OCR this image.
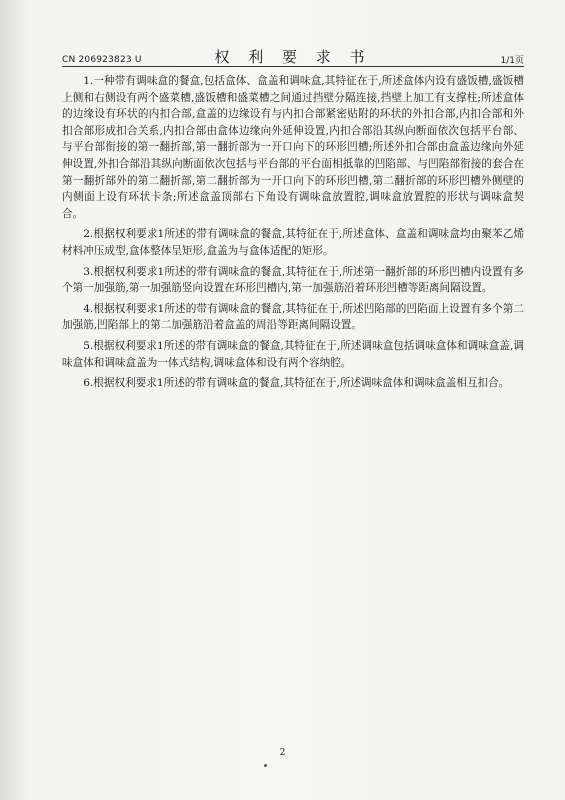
CN 206923823 U	权 利 要 求 书	1/1页

1.一种带有调味盒的餐盒,包括盒体、盒盖和调味盒,其特征在于,所述盒体内设有盛饭槽,盛饭槽上侧和右侧设有两个盛菜槽,盛饭槽和盛菜槽之间通过挡壁分隔连接,挡壁上加工有支撑柱;所述盒体的边缘设有环状的内扣合部,盒盖的边缘设有与内扣合部紧密贴附的环状的外扣合部,内扣合部和外扣合部形成扣合关系,内扣合部由盒体边缘向外延伸设置,内扣合部沿其纵向断面依次包括平台部、与平台部衔接的第一翻折部,第一翻折部为一开口向下的环形凹槽;所述外扣合部由盒盖边缘向外延伸设置,外扣合部沿其纵向断面依次包括与平台部的平台面相抵靠的凹陷部、与凹陷部衔接的套合在第一翻折部外的第二翻折部,第二翻折部为一开口向下的环形凹槽,第二翻折部的环形凹槽外侧壁的内侧面上设有环状卡条;所述盒盖顶部右下角设有调味盒放置腔,调味盒放置腔的形状与调味盒契合。

2.根据权利要求1所述的带有调味盒的餐盒,其特征在于,所述盒体、盒盖和调味盒均由聚苯乙烯材料冲压成型,盒体整体呈矩形,盒盖为与盒体适配的矩形。

3.根据权利要求1所述的带有调味盒的餐盒,其特征在于,所述第一翻折部的环形凹槽内设置有多个第一加强筋,第一加强筋竖向设置在环形凹槽内,第一加强筋沿着环形凹槽等距离间隔设置。

4.根据权利要求1所述的带有调味盒的餐盒,其特征在于,所述凹陷部的凹陷面上设置有多个第二加强筋,凹陷部上的第二加强筋沿着盒盖的周沿等距离间隔设置。

5.根据权利要求1所述的带有调味盒的餐盒,其特征在于,所述调味盒包括调味盒体和调味盒盖,调味盒体和调味盒盖为一体式结构,调味盒体和设有两个容纳腔。

6.根据权利要求1所述的带有调味盒的餐盒,其特征在于,所述调味盒体和调味盒盖相互扣合。

2
